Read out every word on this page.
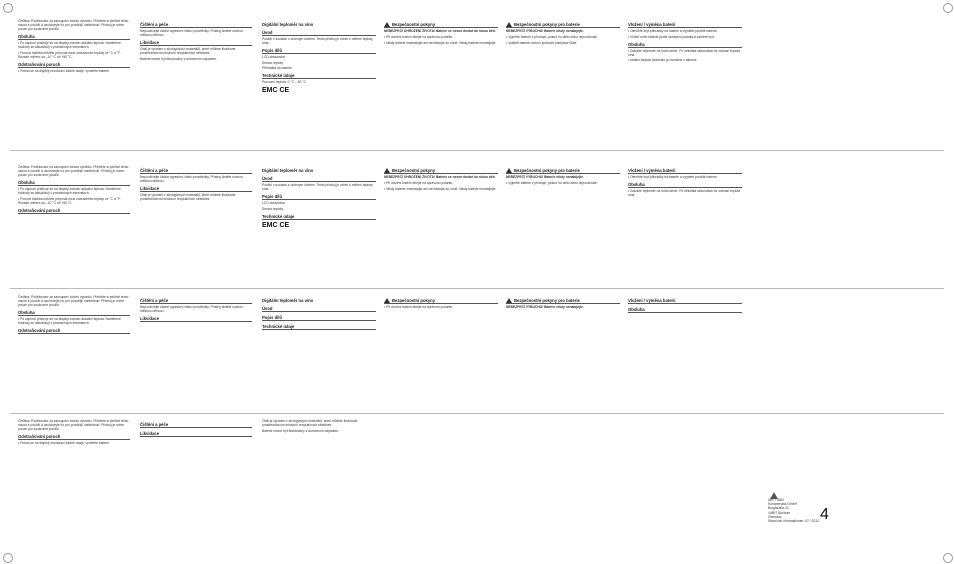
Čeština: Poděkování za zakoupení tohoto výrobku. Přečtěte si pečlivě tento návod k použití a uschovejte ho pro pozdější nahlédnutí. Přístroj je určen pouze pro soukromé použití.

Obsluha

• Po zapnutí přístroje se na displeji zobrazí aktuální teplota. Naměřené hodnoty se aktualizují v pravidelných intervalech.

• Pomocí tlačítka můžete přepínat mezi zobrazením teploty ve °C a °F. Rozsah měření od –10 °C do +50 °C.

Odstraňování poruch

• Pokud se na displeji nezobrazí žádné údaje, vyměňte baterie.

Čištění a péče

Nepoužívejte žádné agresivní čisticí prostředky. Přístroj čistěte suchou měkkou utěrkou.

Likvidace

Obal je vyroben z ekologických materiálů, které můžete likvidovat prostřednictvím místních recyklačních středisek.

Baterie nesmí být likvidovány s domovním odpadem.

Digitální teploměr na víno
Úvod

Použití v souladu s určeným účelem. Tento přístroj je určen k měření teploty vína.

Popis dílů

LCD obrazovka

Senzor teploty

Přihrádka na baterie

Technické údaje

Provozní teplota: 0 °C – 50 °C

EMC CE
Bezpečnostní pokyny

NEBEZPEČÍ OHROŽENÍ ŽIVOTA! Baterie se nesmí dostat do rukou dětí.

• Při vložení baterií dbejte na správnou polaritu.

• Nikdy baterie nezkratujte ani nevhazujte do ohně. Nikdy baterie nenabíjejte.

Bezpečnostní pokyny pro baterie

NEBEZPEČÍ VÝBUCHU! Baterie nikdy nenabíjejte.

• Vyjměte baterie z přístroje, pokud ho delší dobu nepoužíváte.

• Vyteklé baterie mohou způsobit poleptání kůže.

Vložení / výměna baterií

• Otevřete kryt přihrádky na baterie a vyjměte použité baterie.

• Vložte nové baterie podle označení polarity a zavřete kryt.

Obsluha

• Zasuňte teploměr na hrdlo lahve. Po několika sekundách se zobrazí teplota vína.

• Ideální teplota podávání je uvedena v tabulce.

Čeština: Poděkování za zakoupení tohoto výrobku. Přečtěte si pečlivě tento návod k použití a uschovejte ho pro pozdější nahlédnutí. Přístroj je určen pouze pro soukromé použití.

Obsluha

• Po zapnutí přístroje se na displeji zobrazí aktuální teplota. Naměřené hodnoty se aktualizují v pravidelných intervalech.

• Pomocí tlačítka můžete přepínat mezi zobrazením teploty ve °C a °F. Rozsah měření od –10 °C do +50 °C.

Odstraňování poruch
Čištění a péče

Nepoužívejte žádné agresivní čisticí prostředky. Přístroj čistěte suchou měkkou utěrkou.

Likvidace

Obal je vyroben z ekologických materiálů, které můžete likvidovat prostřednictvím místních recyklačních středisek.

Digitální teploměr na víno
Úvod

Použití v souladu s určeným účelem. Tento přístroj je určen k měření teploty vína.

Popis dílů

LCD obrazovka

Senzor teploty

Technické údaje
EMC CE
Bezpečnostní pokyny

NEBEZPEČÍ OHROŽENÍ ŽIVOTA! Baterie se nesmí dostat do rukou dětí.

• Při vložení baterií dbejte na správnou polaritu.

• Nikdy baterie nezkratujte ani nevhazujte do ohně. Nikdy baterie nenabíjejte.

Bezpečnostní pokyny pro baterie

NEBEZPEČÍ VÝBUCHU! Baterie nikdy nenabíjejte.

• Vyjměte baterie z přístroje, pokud ho delší dobu nepoužíváte.

Vložení / výměna baterií

• Otevřete kryt přihrádky na baterie a vyjměte použité baterie.

Obsluha

• Zasuňte teploměr na hrdlo lahve. Po několika sekundách se zobrazí teplota vína.

Čeština: Poděkování za zakoupení tohoto výrobku. Přečtěte si pečlivě tento návod k použití a uschovejte ho pro pozdější nahlédnutí. Přístroj je určen pouze pro soukromé použití.

Obsluha

• Po zapnutí přístroje se na displeji zobrazí aktuální teplota. Naměřené hodnoty se aktualizují v pravidelných intervalech.

Odstraňování poruch
Čištění a péče

Nepoužívejte žádné agresivní čisticí prostředky. Přístroj čistěte suchou měkkou utěrkou.

Likvidace
Digitální teploměr na víno
Úvod
Popis dílů
Technické údaje
Bezpečnostní pokyny

• Při vložení baterií dbejte na správnou polaritu.

Bezpečnostní pokyny pro baterie

NEBEZPEČÍ VÝBUCHU! Baterie nikdy nenabíjejte.

Vložení / výměna baterií
Obsluha

Čeština: Poděkování za zakoupení tohoto výrobku. Přečtěte si pečlivě tento návod k použití a uschovejte ho pro pozdější nahlédnutí. Přístroj je určen pouze pro soukromé použití.

Odstraňování poruch

• Pokud se na displeji nezobrazí žádné údaje, vyměňte baterie.

Čištění a péče
Likvidace

Obal je vyroben z ekologických materiálů, které můžete likvidovat prostřednictvím místních recyklačních středisek.

Baterie nesmí být likvidovány s domovním odpadem.

IAN 71883
Kompernass GmbH
Burgstraße 21
44867 Bochum
Germany
Stand der Informationen: 07 / 2012 4
